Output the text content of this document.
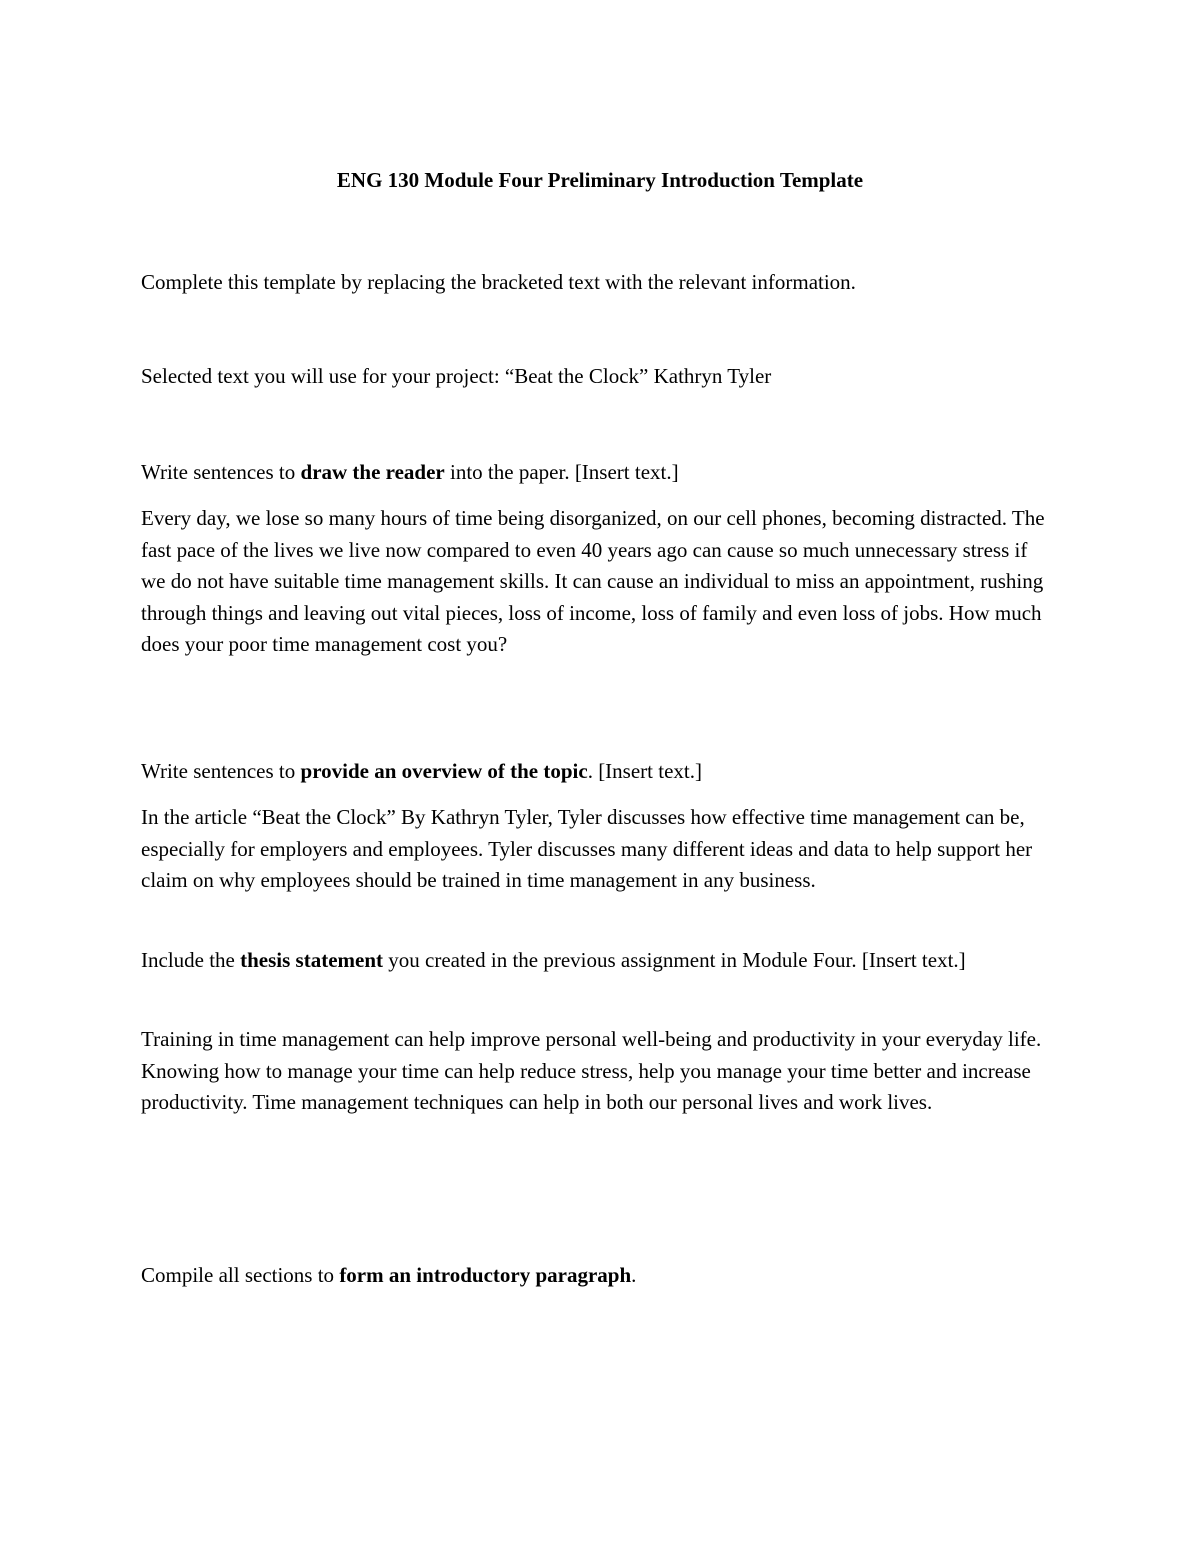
ENG 130 Module Four Preliminary Introduction Template

Complete this template by replacing the bracketed text with the relevant information.

Selected text you will use for your project: “Beat the Clock” Kathryn Tyler

Write sentences to draw the reader into the paper. [Insert text.]

Every day, we lose so many hours of time being disorganized, on our cell phones, becoming distracted. The fast pace of the lives we live now compared to even 40 years ago can cause so much unnecessary stress if we do not have suitable time management skills. It can cause an individual to miss an appointment, rushing through things and leaving out vital pieces, loss of income, loss of family and even loss of jobs. How much does your poor time management cost you?

Write sentences to provide an overview of the topic. [Insert text.]

In the article “Beat the Clock” By Kathryn Tyler, Tyler discusses how effective time management can be, especially for employers and employees. Tyler discusses many different ideas and data to help support her claim on why employees should be trained in time management in any business.

Include the thesis statement you created in the previous assignment in Module Four. [Insert text.]

Training in time management can help improve personal well-being and productivity in your everyday life. Knowing how to manage your time can help reduce stress, help you manage your time better and increase productivity. Time management techniques can help in both our personal lives and work lives.

Compile all sections to form an introductory paragraph.
